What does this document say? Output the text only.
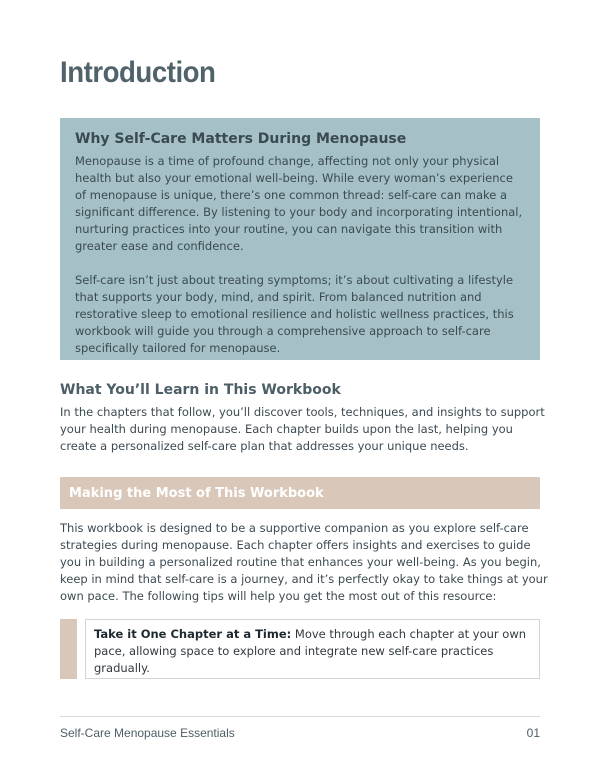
Introduction
Why Self-Care Matters During Menopause

Menopause is a time of profound change, affecting not only your physical health but also your emotional well-being. While every woman’s experience of menopause is unique, there’s one common thread: self-care can make a significant difference. By listening to your body and incorporating intentional, nurturing practices into your routine, you can navigate this transition with greater ease and confidence.

Self-care isn’t just about treating symptoms; it’s about cultivating a lifestyle that supports your body, mind, and spirit. From balanced nutrition and restorative sleep to emotional resilience and holistic wellness practices, this workbook will guide you through a comprehensive approach to self-care specifically tailored for menopause.

What You’ll Learn in This Workbook

In the chapters that follow, you’ll discover tools, techniques, and insights to support your health during menopause. Each chapter builds upon the last, helping you create a personalized self-care plan that addresses your unique needs.

Making the Most of This Workbook

This workbook is designed to be a supportive companion as you explore self-care strategies during menopause. Each chapter offers insights and exercises to guide you in building a personalized routine that enhances your well-being. As you begin, keep in mind that self-care is a journey, and it’s perfectly okay to take things at your own pace. The following tips will help you get the most out of this resource:

Take it One Chapter at a Time: Move through each chapter at your own pace, allowing space to explore and integrate new self-care practices gradually.
Self-Care Menopause Essentials	01
